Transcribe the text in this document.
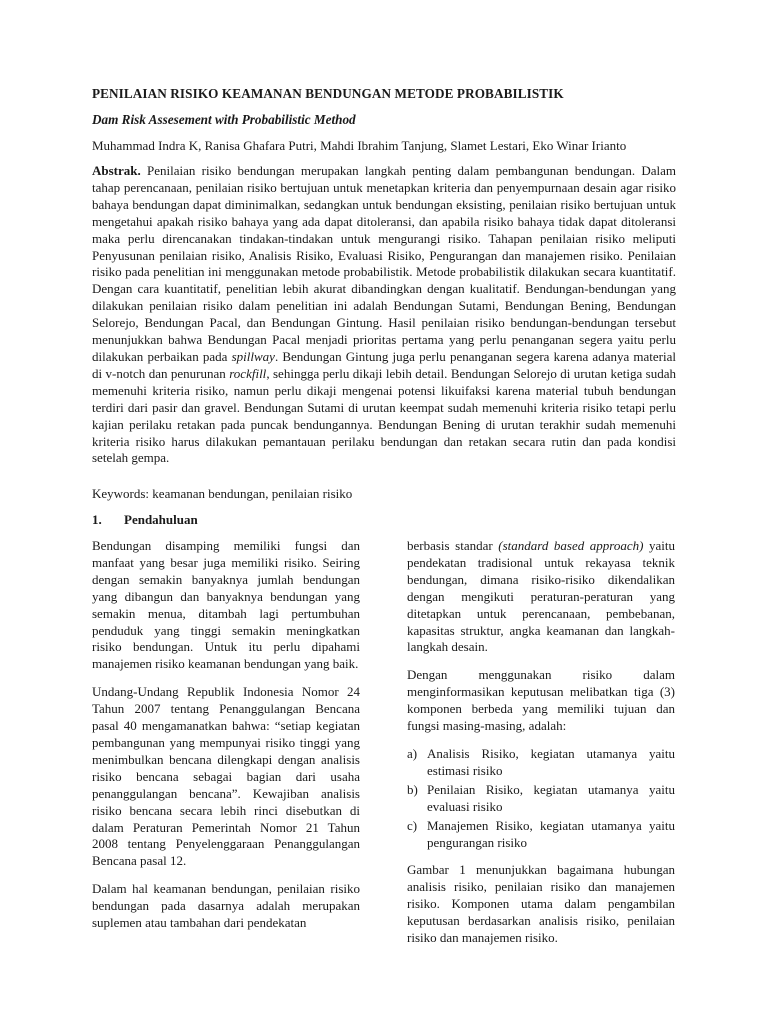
PENILAIAN RISIKO KEAMANAN BENDUNGAN METODE PROBABILISTIK
Dam Risk Assesement with Probabilistic Method

Muhammad Indra K, Ranisa Ghafara Putri, Mahdi Ibrahim Tanjung, Slamet Lestari, Eko Winar Irianto

Abstrak. Penilaian risiko bendungan merupakan langkah penting dalam pembangunan bendungan. Dalam tahap perencanaan, penilaian risiko bertujuan untuk menetapkan kriteria dan penyempurnaan desain agar risiko bahaya bendungan dapat diminimalkan, sedangkan untuk bendungan eksisting, penilaian risiko bertujuan untuk mengetahui apakah risiko bahaya yang ada dapat ditoleransi, dan apabila risiko bahaya tidak dapat ditoleransi maka perlu direncanakan tindakan-tindakan untuk mengurangi risiko. Tahapan penilaian risiko meliputi Penyusunan penilaian risiko, Analisis Risiko, Evaluasi Risiko, Pengurangan dan manajemen risiko. Penilaian risiko pada penelitian ini menggunakan metode probabilistik. Metode probabilistik dilakukan secara kuantitatif. Dengan cara kuantitatif, penelitian lebih akurat dibandingkan dengan kualitatif. Bendungan-bendungan yang dilakukan penilaian risiko dalam penelitian ini adalah Bendungan Sutami, Bendungan Bening, Bendungan Selorejo, Bendungan Pacal, dan Bendungan Gintung. Hasil penilaian risiko bendungan-bendungan tersebut menunjukkan bahwa Bendungan Pacal menjadi prioritas pertama yang perlu penanganan segera yaitu perlu dilakukan perbaikan pada spillway. Bendungan Gintung juga perlu penanganan segera karena adanya material di v-notch dan penurunan rockfill, sehingga perlu dikaji lebih detail. Bendungan Selorejo di urutan ketiga sudah memenuhi kriteria risiko, namun perlu dikaji mengenai potensi likuifaksi karena material tubuh bendungan terdiri dari pasir dan gravel. Bendungan Sutami di urutan keempat sudah memenuhi kriteria risiko tetapi perlu kajian perilaku retakan pada puncak bendungannya. Bendungan Bening di urutan terakhir sudah memenuhi kriteria risiko harus dilakukan pemantauan perilaku bendungan dan retakan secara rutin dan pada kondisi setelah gempa.

Keywords: keamanan bendungan, penilaian risiko

1. Pendahuluan

Bendungan disamping memiliki fungsi dan manfaat yang besar juga memiliki risiko. Seiring dengan semakin banyaknya jumlah bendungan yang dibangun dan banyaknya bendungan yang semakin menua, ditambah lagi pertumbuhan penduduk yang tinggi semakin meningkatkan risiko bendungan. Untuk itu perlu dipahami manajemen risiko keamanan bendungan yang baik.

Undang-Undang Republik Indonesia Nomor 24 Tahun 2007 tentang Penanggulangan Bencana pasal 40 mengamanatkan bahwa: “setiap kegiatan pembangunan yang mempunyai risiko tinggi yang menimbulkan bencana dilengkapi dengan analisis risiko bencana sebagai bagian dari usaha penanggulangan bencana”. Kewajiban analisis risiko bencana secara lebih rinci disebutkan di dalam Peraturan Pemerintah Nomor 21 Tahun 2008 tentang Penyelenggaraan Penanggulangan Bencana pasal 12.

Dalam hal keamanan bendungan, penilaian risiko bendungan pada dasarnya adalah merupakan suplemen atau tambahan dari pendekatan

berbasis standar (standard based approach) yaitu pendekatan tradisional untuk rekayasa teknik bendungan, dimana risiko-risiko dikendalikan dengan mengikuti peraturan-peraturan yang ditetapkan untuk perencanaan, pembebanan, kapasitas struktur, angka keamanan dan langkah-langkah desain.

Dengan menggunakan risiko dalam menginformasikan keputusan melibatkan tiga (3) komponen berbeda yang memiliki tujuan dan fungsi masing-masing, adalah:

a) Analisis Risiko, kegiatan utamanya yaitu estimasi risiko
b) Penilaian Risiko, kegiatan utamanya yaitu evaluasi risiko
c) Manajemen Risiko, kegiatan utamanya yaitu pengurangan risiko

Gambar 1 menunjukkan bagaimana hubungan analisis risiko, penilaian risiko dan manajemen risiko. Komponen utama dalam pengambilan keputusan berdasarkan analisis risiko, penilaian risiko dan manajemen risiko.
